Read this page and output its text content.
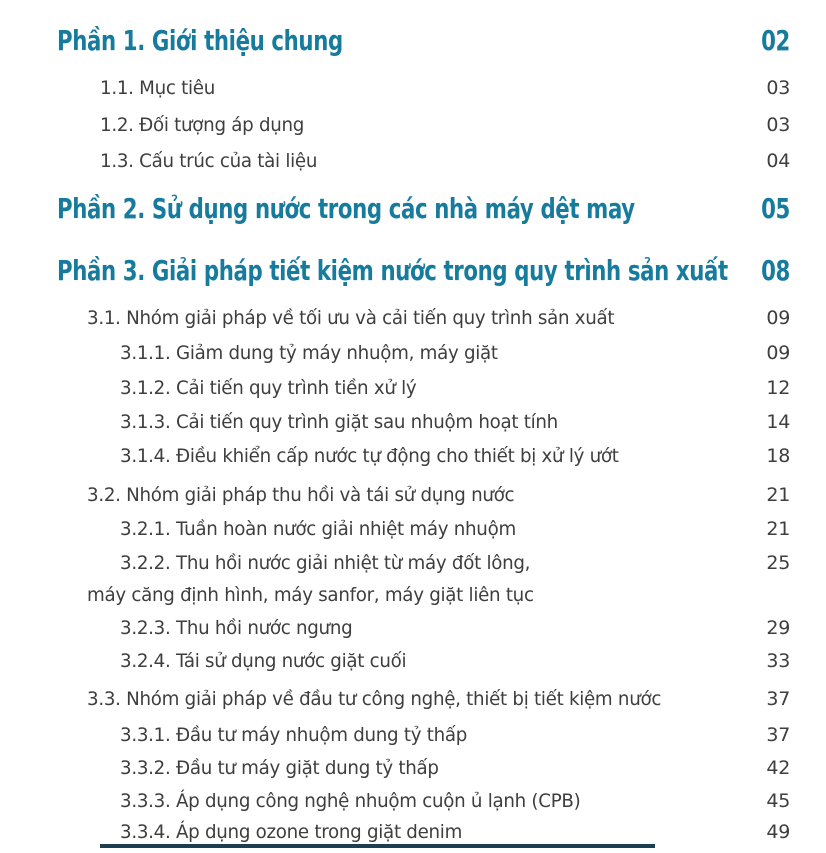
Phần 1. Giới thiệu chung	02
1.1. Mục tiêu	03
1.2. Đối tượng áp dụng	03
1.3. Cấu trúc của tài liệu	04
Phần 2. Sử dụng nước trong các nhà máy dệt may	05
Phần 3. Giải pháp tiết kiệm nước trong quy trình sản xuất 08
3.1. Nhóm giải pháp về tối ưu và cải tiến quy trình sản xuất	09
3.1.1. Giảm dung tỷ máy nhuộm, máy giặt	09
3.1.2. Cải tiến quy trình tiền xử lý	12
3.1.3. Cải tiến quy trình giặt sau nhuộm hoạt tính	14
3.1.4. Điều khiển cấp nước tự động cho thiết bị xử lý ướt	18
3.2. Nhóm giải pháp thu hồi và tái sử dụng nước	21
3.2.1. Tuần hoàn nước giải nhiệt máy nhuộm	21
3.2.2. Thu hồi nước giải nhiệt từ máy đốt lông,	25
máy căng định hình, máy sanfor, máy giặt liên tục
3.2.3. Thu hồi nước ngưng	29
3.2.4. Tái sử dụng nước giặt cuối	33
3.3. Nhóm giải pháp về đầu tư công nghệ, thiết bị tiết kiệm nước	37
3.3.1. Đầu tư máy nhuộm dung tỷ thấp	37
3.3.2. Đầu tư máy giặt dung tỷ thấp	42
3.3.3. Áp dụng công nghệ nhuộm cuộn ủ lạnh (CPB)	45
3.3.4. Áp dụng ozone trong giặt denim	49
